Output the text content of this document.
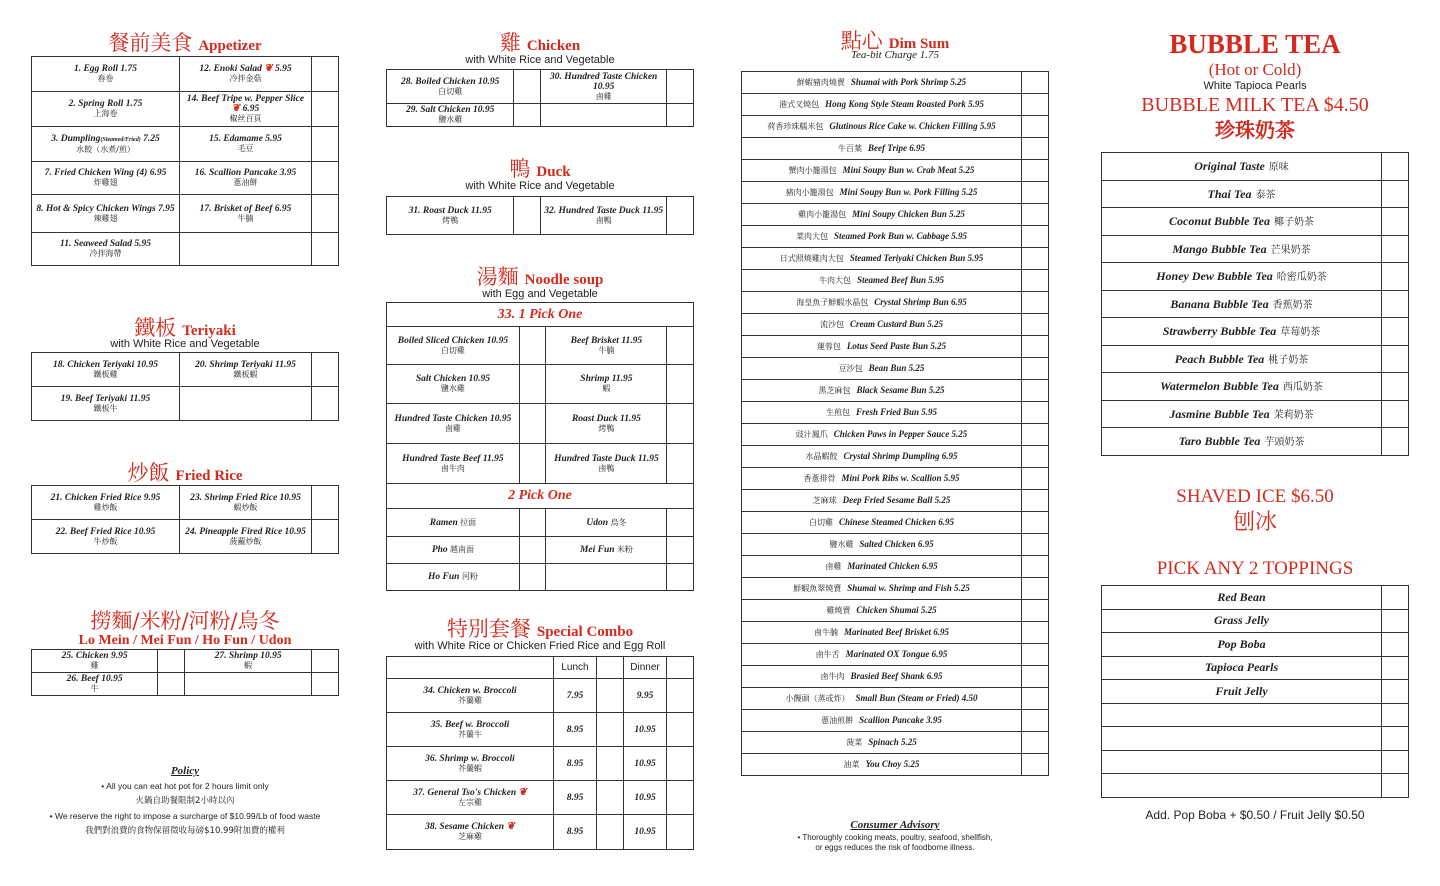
餐前美食 Appetizer
1. Egg Roll 1.75
春卷	12. Enoki Salad ❦ 5.95
冷拌金菇	

2. Spring Roll 1.75
上海卷	14. Beef Tripe w. Pepper Slice ❦ 6.95
椒丝百頁	

3. Dumpling(Steamed/Fried) 7.25
水餃（水煮/煎）	15. Edamame 5.95
毛豆	

7. Fried Chicken Wing (4) 6.95
炸雞翅	16. Scallion Pancake 3.95
蔥油餅	

8. Hot & Spicy Chicken Wings 7.95
辣雞翅	17. Brisket of Beef 6.95
牛腩	

11. Seaweed Salad 5.95
冷拌海帶		

鐵板 Teriyaki
with White Rice and Vegetable
18. Chicken Teriyaki 10.95
鐵板雞	20. Shrimp Teriyaki 11.95
鐵板蝦	

19. Beef Teriyaki 11.95
鐵板牛		

炒飯 Fried Rice
21. Chicken Fried Rice 9.95
雞炒飯	23. Shrimp Fried Rice 10.95
蝦炒飯	

22. Beef Fried Rice 10.95
牛炒飯	24. Pineapple Fired Rice 10.95
菠蘿炒飯	

撈麵/米粉/河粉/烏冬
Lo Mein / Mei Fun / Ho Fun / Udon
25. Chicken 9.95
雞		27. Shrimp 10.95
蝦	

26. Beef 10.95
牛			

Policy
• All you can eat hot pot for 2 hours limit only
火鍋自助餐限制2小時以內
• We reserve the right to impose a surcharge of $10.99/Lb of food waste
我們對浪費的食物保留徵收每磅$10.99附加費的權利
雞 Chicken
with White Rice and Vegetable
28. Boiled Chicken 10.95
白切雞		30. Hundred Taste Chicken 10.95
鹵雞	

29. Salt Chicken 10.95
鹽水雞			

鴨 Duck
with White Rice and Vegetable
31. Roast Duck 11.95
烤鴨
		32. Hundred Taste Duck 11.95
鹵鴨

湯麵 Noodle soup
with Egg and Vegetable
33. 1 Pick One			
Boiled Sliced Chicken 10.95
白切雞		Beef Brisket 11.95
牛腩	

Salt Chicken 10.95
鹽水雞		Shrimp 11.95
蝦	

Hundred Taste Chicken 10.95
鹵雞		Roast Duck 11.95
烤鴨	

Hundred Taste Beef 11.95
鹵牛肉		Hundred Taste Duck 11.95
鹵鴨	

2 Pick One			
Ramen 拉面		Udon 烏冬	
Pho 越南面		Mei Fun 米粉	
Ho Fun 河粉			
特別套餐 Special Combo
with White Rice or Chicken Fried Rice and Egg Roll
	Lunch		Dinner	
34. Chicken w. Broccoli
芥蘭雞	7.95		9.95	
35. Beef w. Broccoli
芥蘭牛	8.95		10.95	
36. Shrimp w. Broccoli
芥蘭蝦	8.95		10.95	
37. General Tso's Chicken ❦
左宗雞	8.95		10.95	
38. Sesame Chicken ❦
芝麻雞	8.95		10.95	
點心 Dim Sum
Tea-bit Charge 1.75
鮮蝦豬肉燒賣 Shumai with Pork Shrimp 5.25	
港式叉燒包 Hong Kong Style Steam Roasted Pork 5.95	
荷香珍珠糯米包 Glutinous Rice Cake w. Chicken Filling 5.95	
牛百葉 Beef Tripe 6.95	
蟹肉小籠湯包 Mini Soupy Bun w. Crab Meat 5.25	
豬肉小籠湯包 Mini Soupy Bun w. Pork Filling 5.25	
雞肉小籠湯包 Mini Soupy Chicken Bun 5.25	
菜肉大包 Steamed Pork Bun w. Cabbage 5.95	
日式照燒雞肉大包 Steamed Teriyaki Chicken Bun 5.95	
牛肉大包 Steamed Beef Bun 5.95	
海皇魚子鮮蝦水晶包 Crystal Shrimp Bun 6.95	
流沙包 Cream Custard Bun 5.25	
蓮蓉包 Lotus Seed Paste Bun 5.25	
豆沙包 Bean Bun 5.25	
黑芝麻包 Black Sesame Bun 5.25	
生煎包 Fresh Fried Bun 5.95	
豉汁鳳爪 Chicken Paws in Pepper Sauce 5.25	
水晶蝦餃 Crystal Shrimp Dumpling 6.95	
香蔥排骨 Mini Pork Ribs w. Scallion 5.95	
芝麻球 Deep Fried Sesame Ball 5.25	
白切雞 Chinese Steamed Chicken 6.95	
鹽水雞 Salted Chicken 6.95	
鹵雞 Marinated Chicken 6.95	
鮮蝦魚翠燒賣 Shumai w. Shrimp and Fish 5.25	
雞燒賣 Chicken Shumai 5.25	
鹵牛腩 Marinated Beef Brisket 6.95	
鹵牛舌 Marinated OX Tongue 6.95	
鹵牛肉 Brasied Beef Shank 6.95	
小饅頭（蒸或炸） Small Bun (Steam or Fried) 4.50	
蔥油煎餅 Scallion Pancake 3.95	
菠菜 Spinach 5.25	
油菜 You Choy 5.25	
Consumer Advisory
• Thoroughly cooking meats, poultry, seafood, shellfish,
or eggs reduces the risk of foodborne illness.
BUBBLE TEA
(Hot or Cold)
White Tapioca Pearls
BUBBLE MILK TEA $4.50
珍珠奶茶
Original Taste 原味	
Thai Tea 泰茶	
Coconut Bubble Tea 椰子奶茶	
Mango Bubble Tea 芒果奶茶	
Honey Dew Bubble Tea 哈密瓜奶茶	
Banana Bubble Tea 香蕉奶茶	
Strawberry Bubble Tea 草莓奶茶	
Peach Bubble Tea 桃子奶茶	
Watermelon Bubble Tea 西瓜奶茶	
Jasmine Bubble Tea 茉莉奶茶	
Taro Bubble Tea 芋頭奶茶	
SHAVED ICE $6.50
刨冰
PICK ANY 2 TOPPINGS
Red Bean	
Grass Jelly	
Pop Boba	
Tapioca Pearls	
Fruit Jelly	

Add. Pop Boba + $0.50 / Fruit Jelly $0.50
